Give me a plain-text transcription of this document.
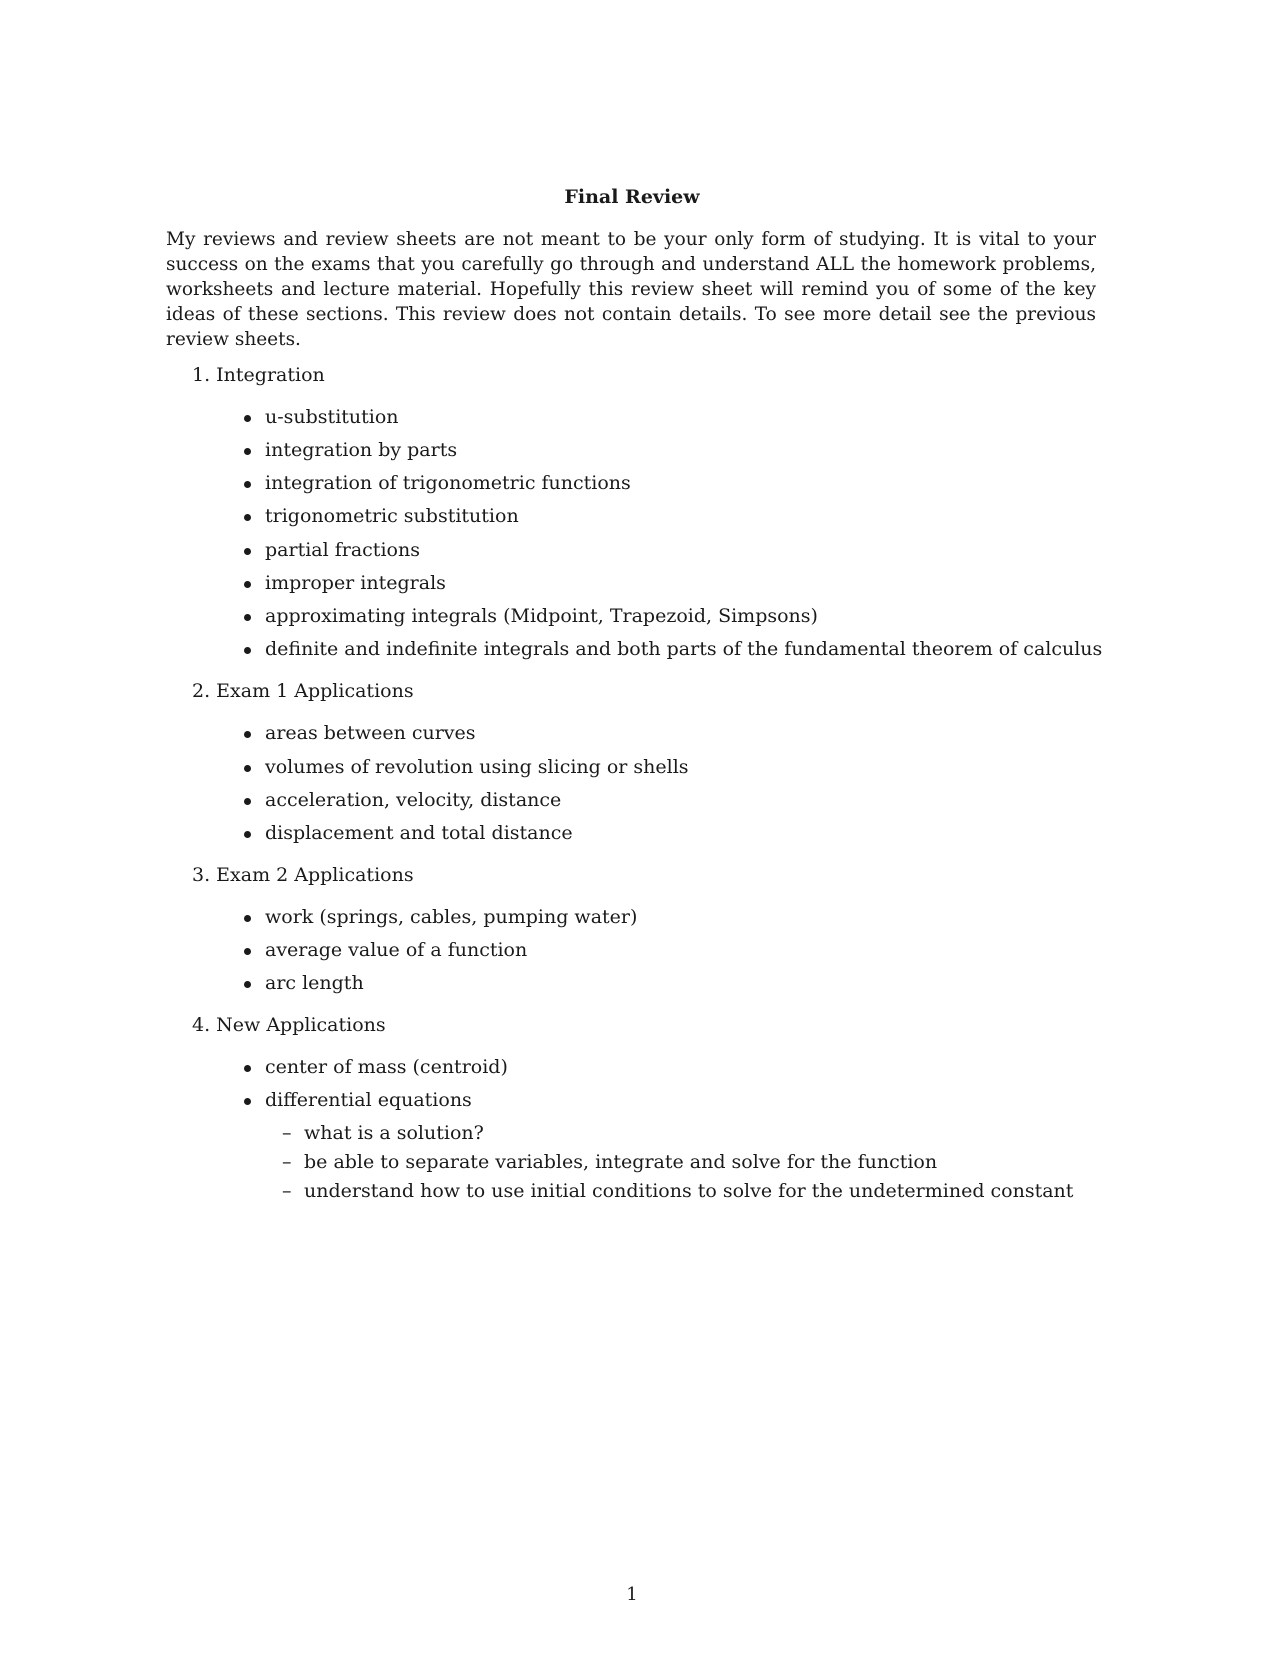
Final Review
My reviews and review sheets are not meant to be your only form of studying. It is vital to your success on the exams that you carefully go through and understand ALL the homework problems, worksheets and lecture material. Hopefully this review sheet will remind you of some of the key ideas of these sections. This review does not contain details. To see more detail see the previous review sheets.
1. Integration
u-substitution
integration by parts
integration of trigonometric functions
trigonometric substitution
partial fractions
improper integrals
approximating integrals (Midpoint, Trapezoid, Simpsons)
definite and indefinite integrals and both parts of the fundamental theorem of calculus
2. Exam 1 Applications
areas between curves
volumes of revolution using slicing or shells
acceleration, velocity, distance
displacement and total distance
3. Exam 2 Applications
work (springs, cables, pumping water)
average value of a function
arc length
4. New Applications
center of mass (centroid)
differential equations
– what is a solution?
– be able to separate variables, integrate and solve for the function
– understand how to use initial conditions to solve for the undetermined constant
1
